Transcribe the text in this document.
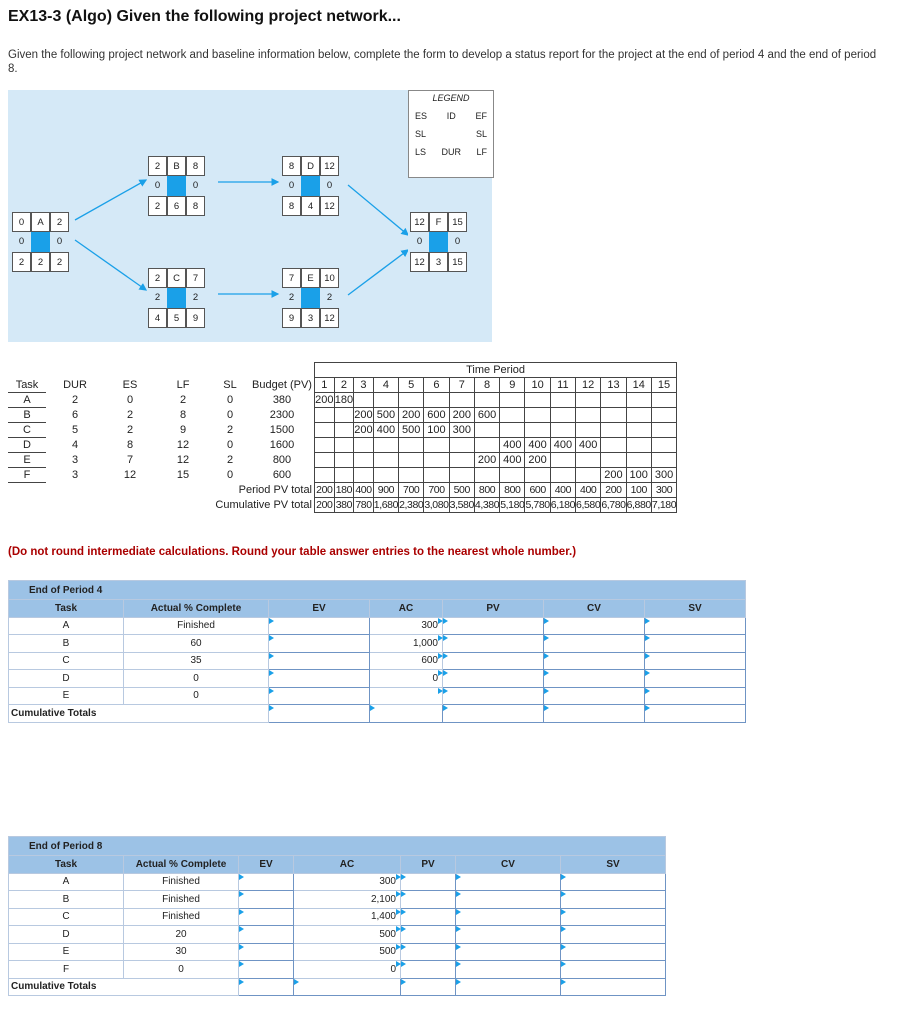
EX13-3 (Algo) Given the following project network...
Given the following project network and baseline information below, complete the form to develop a status report for the project at the end of period 4 and the end of period 8.
LEGEND
ES ID EF
SL	SL
LS DUR LF
0	A	2
0	0
2	2	2
2	B	8
0	0
2	6	8
2	C	7
2	2
4	5	9
8	D	12
0	0
8	4	12
7	E	10
2	2
9	3	12
12	F	15
0	0
12	3	15
						Time Period														
Task	DUR	ES	LF	SL	Budget (PV)	1	2	3	4	5	6	7	8	9	10	11	12	13	14	15
A	2	0	2	0	380	200	180													
B	6	2	8	0	2300			200	500	200	600	200	600							
C	5	2	9	2	1500			200	400	500	100	300								
D	4	8	12	0	1600									400	400	400	400			
E	3	7	12	2	800								200	400	200					
F	3	12	15	0	600													200	100	300
Period PV total						200	180	400	900	700	700	500	800	800	600	400	400	200	100	300
Cumulative PV total						200	380	780	1,680	2,380	3,080	3,580	4,380	5,180	5,780	6,180	6,580	6,780	6,880	7,180
(Do not round intermediate calculations. Round your table answer entries to the nearest whole number.)
End of Period 4						
Task	Actual % Complete	EV	AC	PV	CV	SV
A	Finished		300			
B	60		1,000			
C	35		600			
D	0		0			
E	0					
Cumulative Totals						
End of Period 8						
Task	Actual % Complete	EV	AC	PV	CV	SV
A	Finished		300			
B	Finished		2,100			
C	Finished		1,400			
D	20		500			
E	30		500			
F	0		0			
Cumulative Totals						
